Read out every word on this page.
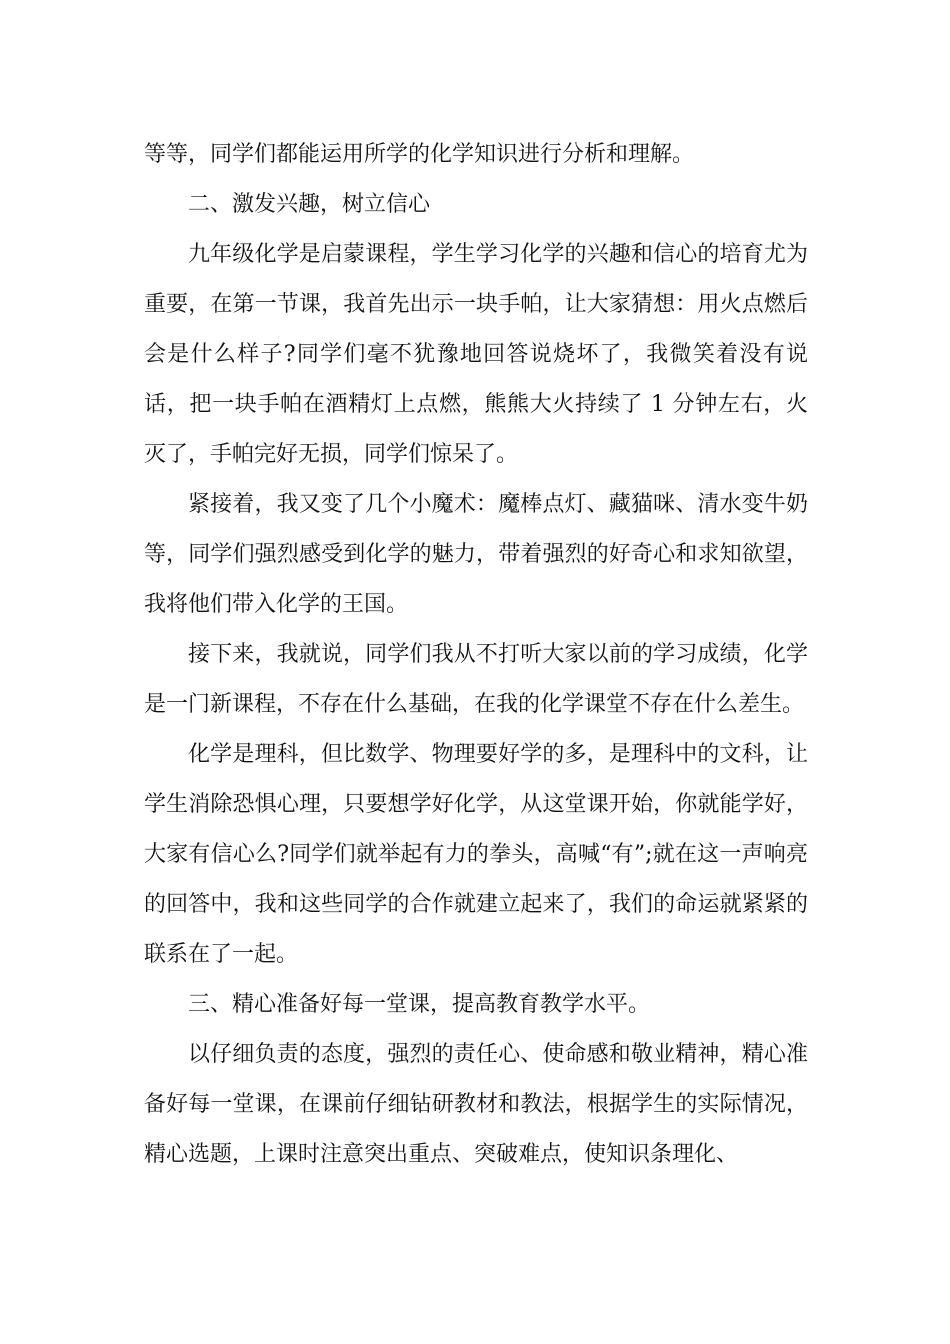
等等，同学们都能运用所学的化学知识进行分析和理解。

二、激发兴趣，树立信心

九年级化学是启蒙课程，学生学习化学的兴趣和信心的培育尤为重要，在第一节课，我首先出示一块手帕，让大家猜想：用火点燃后会是什么样子?同学们毫不犹豫地回答说烧坏了，我微笑着没有说话，把一块手帕在酒精灯上点燃，熊熊大火持续了 1 分钟左右，火灭了，手帕完好无损，同学们惊呆了。

紧接着，我又变了几个小魔术：魔棒点灯、藏猫咪、清水变牛奶等，同学们强烈感受到化学的魅力，带着强烈的好奇心和求知欲望，我将他们带入化学的王国。

接下来，我就说，同学们我从不打听大家以前的学习成绩，化学是一门新课程，不存在什么基础，在我的化学课堂不存在什么差生。

化学是理科，但比数学、物理要好学的多，是理科中的文科，让学生消除恐惧心理，只要想学好化学，从这堂课开始，你就能学好，大家有信心么?同学们就举起有力的拳头，高喊“有”;就在这一声响亮的回答中，我和这些同学的合作就建立起来了，我们的命运就紧紧的联系在了一起。

三、精心准备好每一堂课，提高教育教学水平。

以仔细负责的态度，强烈的责任心、使命感和敬业精神，精心准备好每一堂课，在课前仔细钻研教材和教法，根据学生的实际情况，精心选题，上课时注意突出重点、突破难点，使知识条理化、
